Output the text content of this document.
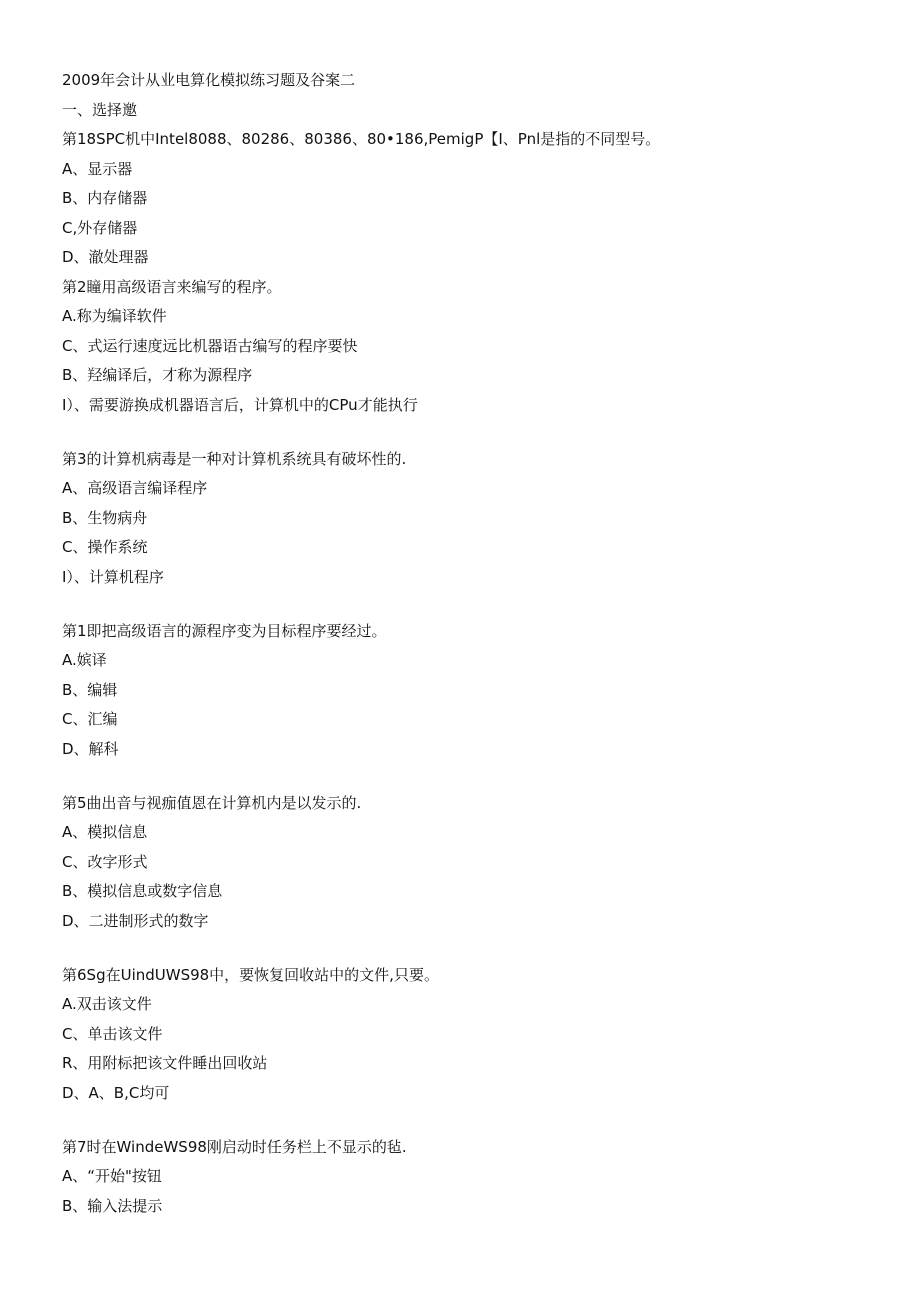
2009年会计从业电算化模拟练习题及谷案二
一、选择邀
第18SPC机中Intel8088、80286、80386、80•186,PemigP【I、Pnl是指的不同型号。
A、显示器
B、内存储器
C,外存储器
D、澈处理器
第2瞳用高级语言来编写的程序。
A.称为编译软件
C、式运行速度远比机器语古编写的程序要快
B、羟编译后，才称为源程序
I）、需要游换成机器语言后，计算机中的CPu才能执行
第3的计算机病毒是一种对计算机系统具有破坏性的.
A、高级语言编译程序
B、生物病舟
C、操作系统
I）、计算机程序
第1即把高级语言的源程序变为目标程序要经过。
A.嫔译
B、编辑
C、汇编
D、解科
第5曲出音与视痂值恩在计算机内是以发示的.
A、模拟信息
C、改字形式
B、模拟信息或数字信息
D、二进制形式的数字
第6Sg在UindUWS98中，要恢复回收站中的文件,只要。
A.双击该文件
C、单击该文件
R、用附标把该文件睡出回收站
D、A、B,C均可
第7时在WindeWS98刚启动时任务栏上不显示的毡.
A、“开始"按钮
B、输入法提示
